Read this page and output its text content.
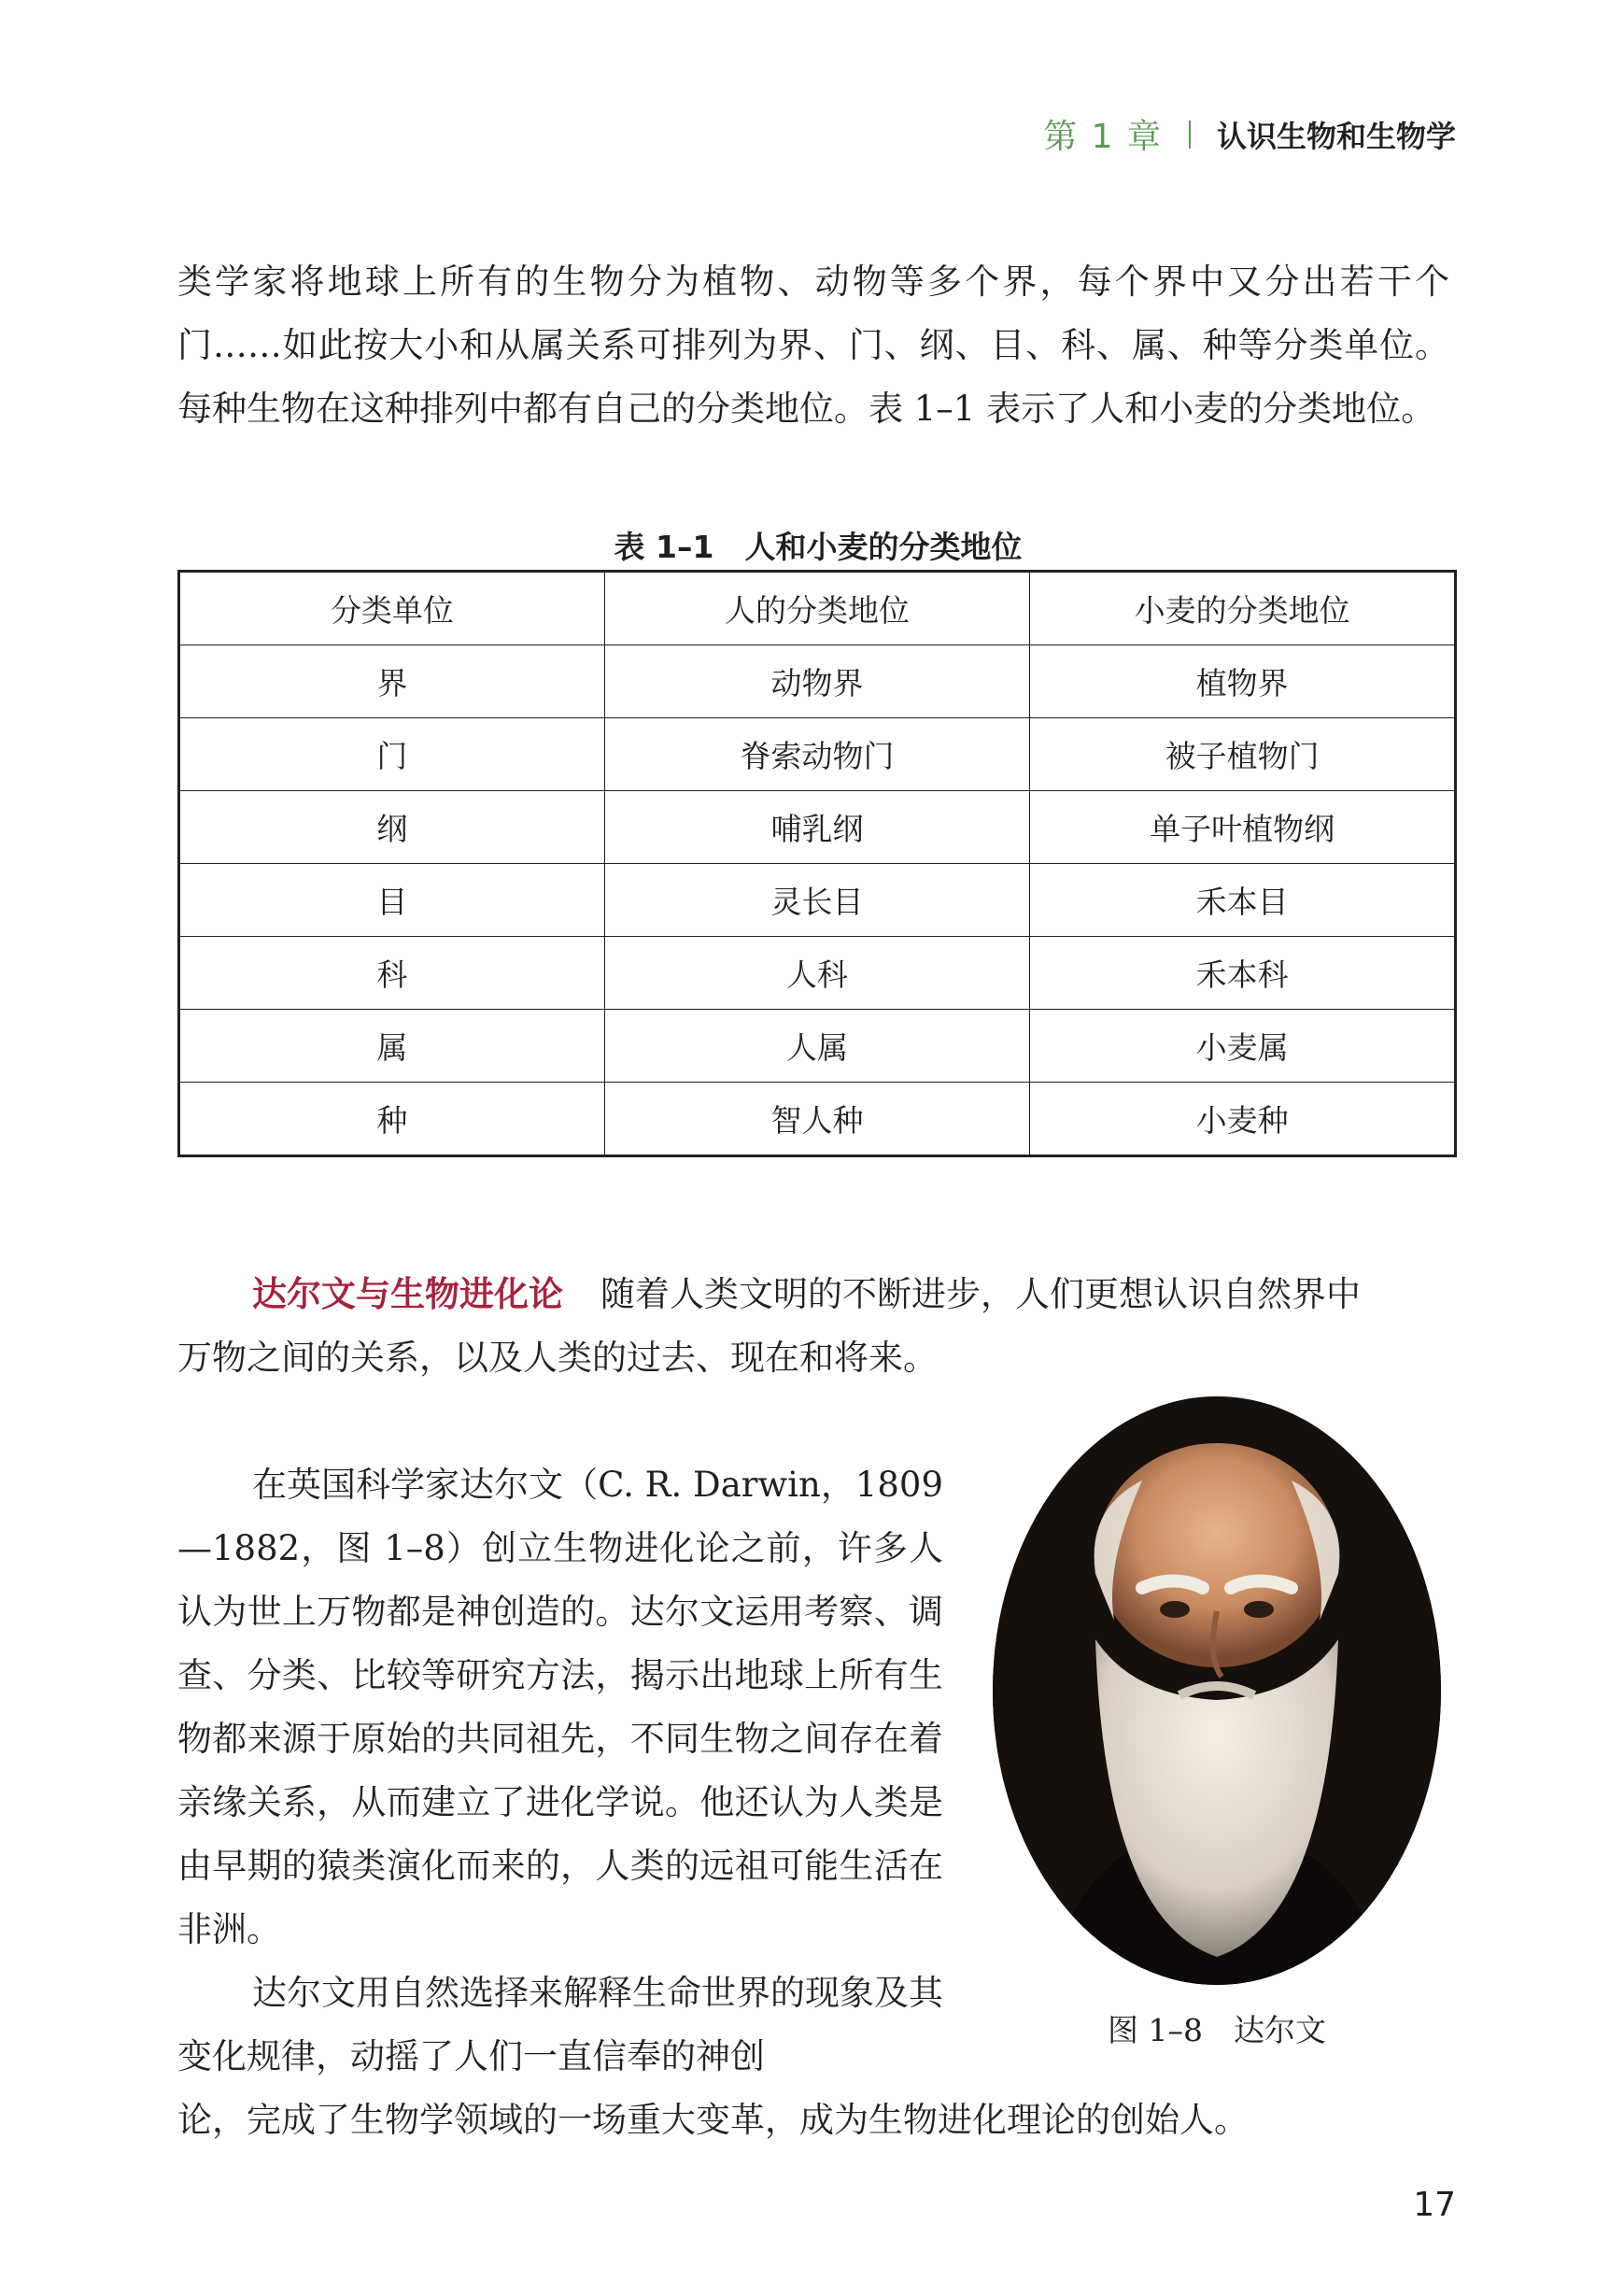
第 1 章 认识生物和生物学

类学家将地球上所有的生物分为植物、动物等多个界，每个界中又分出若干个门……如此按大小和从属关系可排列为界、门、纲、目、科、属、种等分类单位。每种生物在这种排列中都有自己的分类地位。表 1–1 表示了人和小麦的分类地位。

表 1–1　人和小麦的分类地位
分类单位	人的分类地位	小麦的分类地位
界	动物界	植物界
门	脊索动物门	被子植物门
纲	哺乳纲	单子叶植物纲
目	灵长目	禾本目
科	人科	禾本科
属	人属	小麦属
种	智人种	小麦种

达尔文与生物进化论 随着人类文明的不断进步，人们更想认识自然界中

万物之间的关系，以及人类的过去、现在和将来。

在英国科学家达尔文（C. R. Darwin，1809—1882，图 1–8）创立生物进化论之前，许多人认为世上万物都是神创造的。达尔文运用考察、调查、分类、比较等研究方法，揭示出地球上所有生物都来源于原始的共同祖先，不同生物之间存在着亲缘关系，从而建立了进化学说。他还认为人类是由早期的猿类演化而来的，人类的远祖可能生活在非洲。

达尔文用自然选择来解释生命世界的现象及其变化规律，动摇了人们一直信奉的神创

论，完成了生物学领域的一场重大变革，成为生物进化理论的创始人。

图 1–8　达尔文
17
